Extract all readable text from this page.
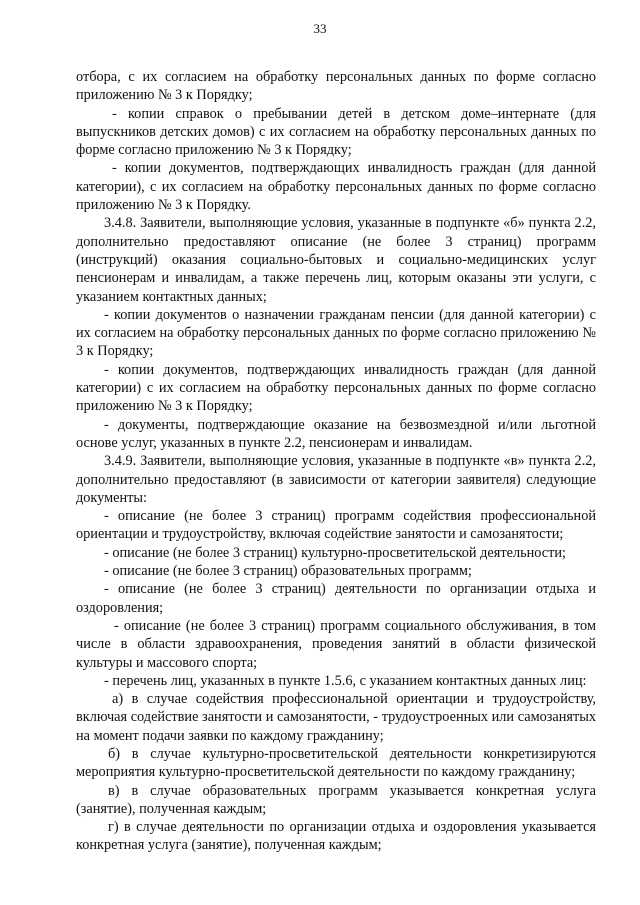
33

отбора, с их согласием на обработку персональных данных по форме согласно приложению № 3 к Порядку;

- копии справок о пребывании детей в детском доме–интернате (для выпускников детских домов) с их согласием на обработку персональных данных по форме согласно приложению № 3 к Порядку;

- копии документов, подтверждающих инвалидность граждан (для данной категории), с их согласием на обработку персональных данных по форме согласно приложению № 3 к Порядку.

3.4.8. Заявители, выполняющие условия, указанные в подпункте «б» пункта 2.2, дополнительно предоставляют описание (не более 3 страниц) программ (инструкций) оказания социально-бытовых и социально-медицинских услуг пенсионерам и инвалидам, а также перечень лиц, которым оказаны эти услуги, с указанием контактных данных;

- копии документов о назначении гражданам пенсии (для данной категории) с их согласием на обработку персональных данных по форме согласно приложению № 3 к Порядку;

- копии документов, подтверждающих инвалидность граждан (для данной категории) с их согласием на обработку персональных данных по форме согласно приложению № 3 к Порядку;

- документы, подтверждающие оказание на безвозмездной и/или льготной основе услуг, указанных в пункте 2.2, пенсионерам и инвалидам.

3.4.9. Заявители, выполняющие условия, указанные в подпункте «в» пункта 2.2, дополнительно предоставляют (в зависимости от категории заявителя) следующие документы:

- описание (не более 3 страниц) программ содействия профессиональной ориентации и трудоустройству, включая содействие занятости и самозанятости;

- описание (не более 3 страниц) культурно-просветительской деятельности;

- описание (не более 3 страниц) образовательных программ;

- описание (не более 3 страниц) деятельности по организации отдыха и оздоровления;

- описание (не более 3 страниц) программ социального обслуживания, в том числе в области здравоохранения, проведения занятий в области физической культуры и массового спорта;

- перечень лиц, указанных в пункте 1.5.6, с указанием контактных данных лиц:

а) в случае содействия профессиональной ориентации и трудоустройству, включая содействие занятости и самозанятости, - трудоустроенных или самозанятых на момент подачи заявки по каждому гражданину;

б) в случае культурно-просветительской деятельности конкретизируются мероприятия культурно-просветительской деятельности по каждому гражданину;

в) в случае образовательных программ указывается конкретная услуга (занятие), полученная каждым;

г) в случае деятельности по организации отдыха и оздоровления указывается конкретная услуга (занятие), полученная каждым;
